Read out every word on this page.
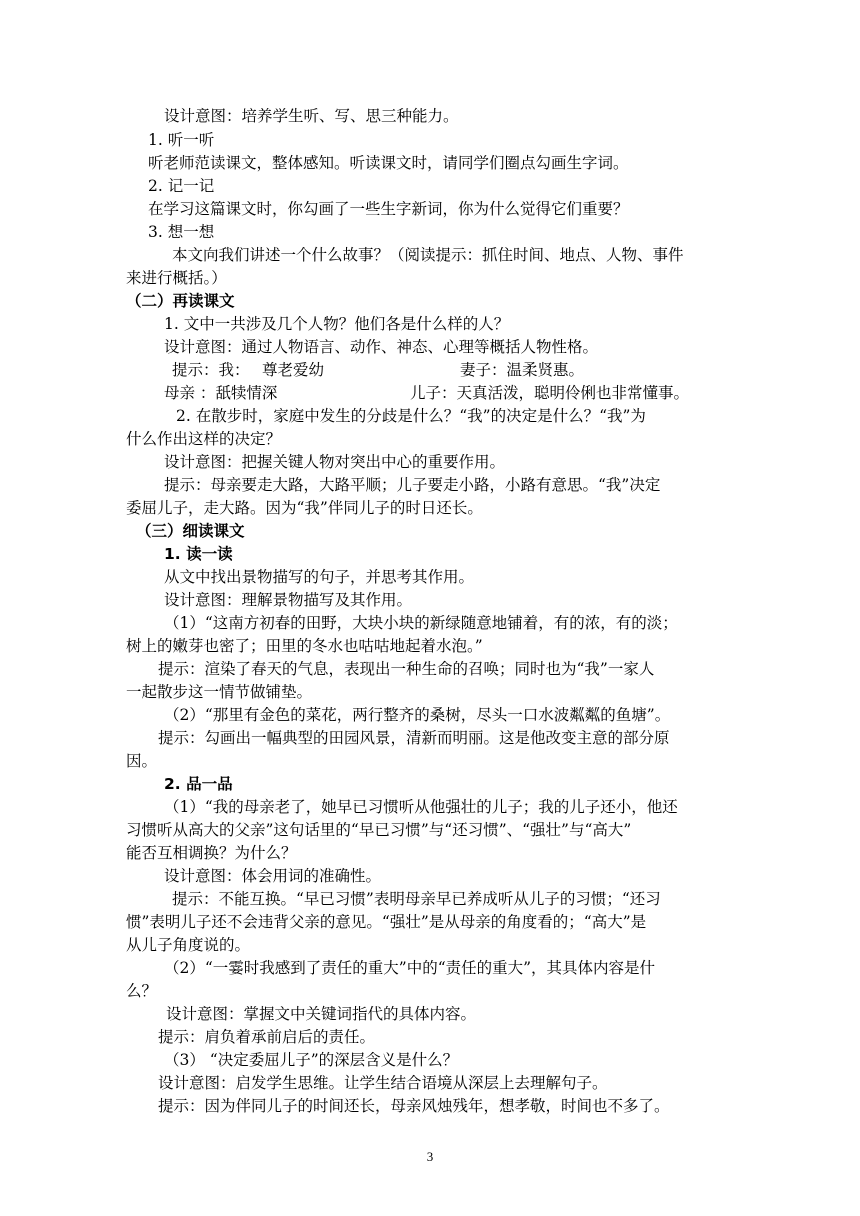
设计意图：培养学生听、写、思三种能力。
1. 听一听
听老师范读课文，整体感知。听读课文时，请同学们圈点勾画生字词。
2. 记一记
在学习这篇课文时，你勾画了一些生字新词，你为什么觉得它们重要？
3. 想一想
本文向我们讲述一个什么故事？（阅读提示：抓住时间、地点、人物、事件
来进行概括。）
（二）再读课文
1. 文中一共涉及几个人物？他们各是什么样的人？
设计意图：通过人物语言、动作、神态、心理等概括人物性格。
提示：我： 尊老爱幼	妻子：温柔贤惠。
母亲 ：舐犊情深	儿子：天真活泼，聪明伶俐也非常懂事。
2. 在散步时，家庭中发生的分歧是什么？“我”的决定是什么？“我”为
什么作出这样的决定？
设计意图：把握关键人物对突出中心的重要作用。
提示：母亲要走大路，大路平顺；儿子要走小路，小路有意思。“我”决定
委屈儿子，走大路。因为“我”伴同儿子的时日还长。
（三）细读课文
1. 读一读
从文中找出景物描写的句子，并思考其作用。
设计意图：理解景物描写及其作用。
（1）“这南方初春的田野，大块小块的新绿随意地铺着，有的浓，有的淡；
树上的嫩芽也密了；田里的冬水也咕咕地起着水泡。”
提示：渲染了春天的气息，表现出一种生命的召唤；同时也为“我”一家人
一起散步这一情节做铺垫。
（2）“那里有金色的菜花，两行整齐的桑树，尽头一口水波粼粼的鱼塘”。
提示：勾画出一幅典型的田园风景，清新而明丽。这是他改变主意的部分原
因。
2. 品一品
（1）“我的母亲老了，她早已习惯听从他强壮的儿子；我的儿子还小，他还
习惯听从高大的父亲”这句话里的“早已习惯”与“还习惯”、“强壮”与“高大”
能否互相调换？为什么？
设计意图：体会用词的准确性。
提示：不能互换。“早已习惯”表明母亲早已养成听从儿子的习惯；“还习
惯”表明儿子还不会违背父亲的意见。“强壮”是从母亲的角度看的；“高大”是
从儿子角度说的。
（2）“一霎时我感到了责任的重大”中的“责任的重大”，其具体内容是什
么？
设计意图：掌握文中关键词指代的具体内容。
提示：肩负着承前启后的责任。
（3） “决定委屈儿子”的深层含义是什么？
设计意图：启发学生思维。让学生结合语境从深层上去理解句子。
提示：因为伴同儿子的时间还长，母亲风烛残年，想孝敬，时间也不多了。
3
